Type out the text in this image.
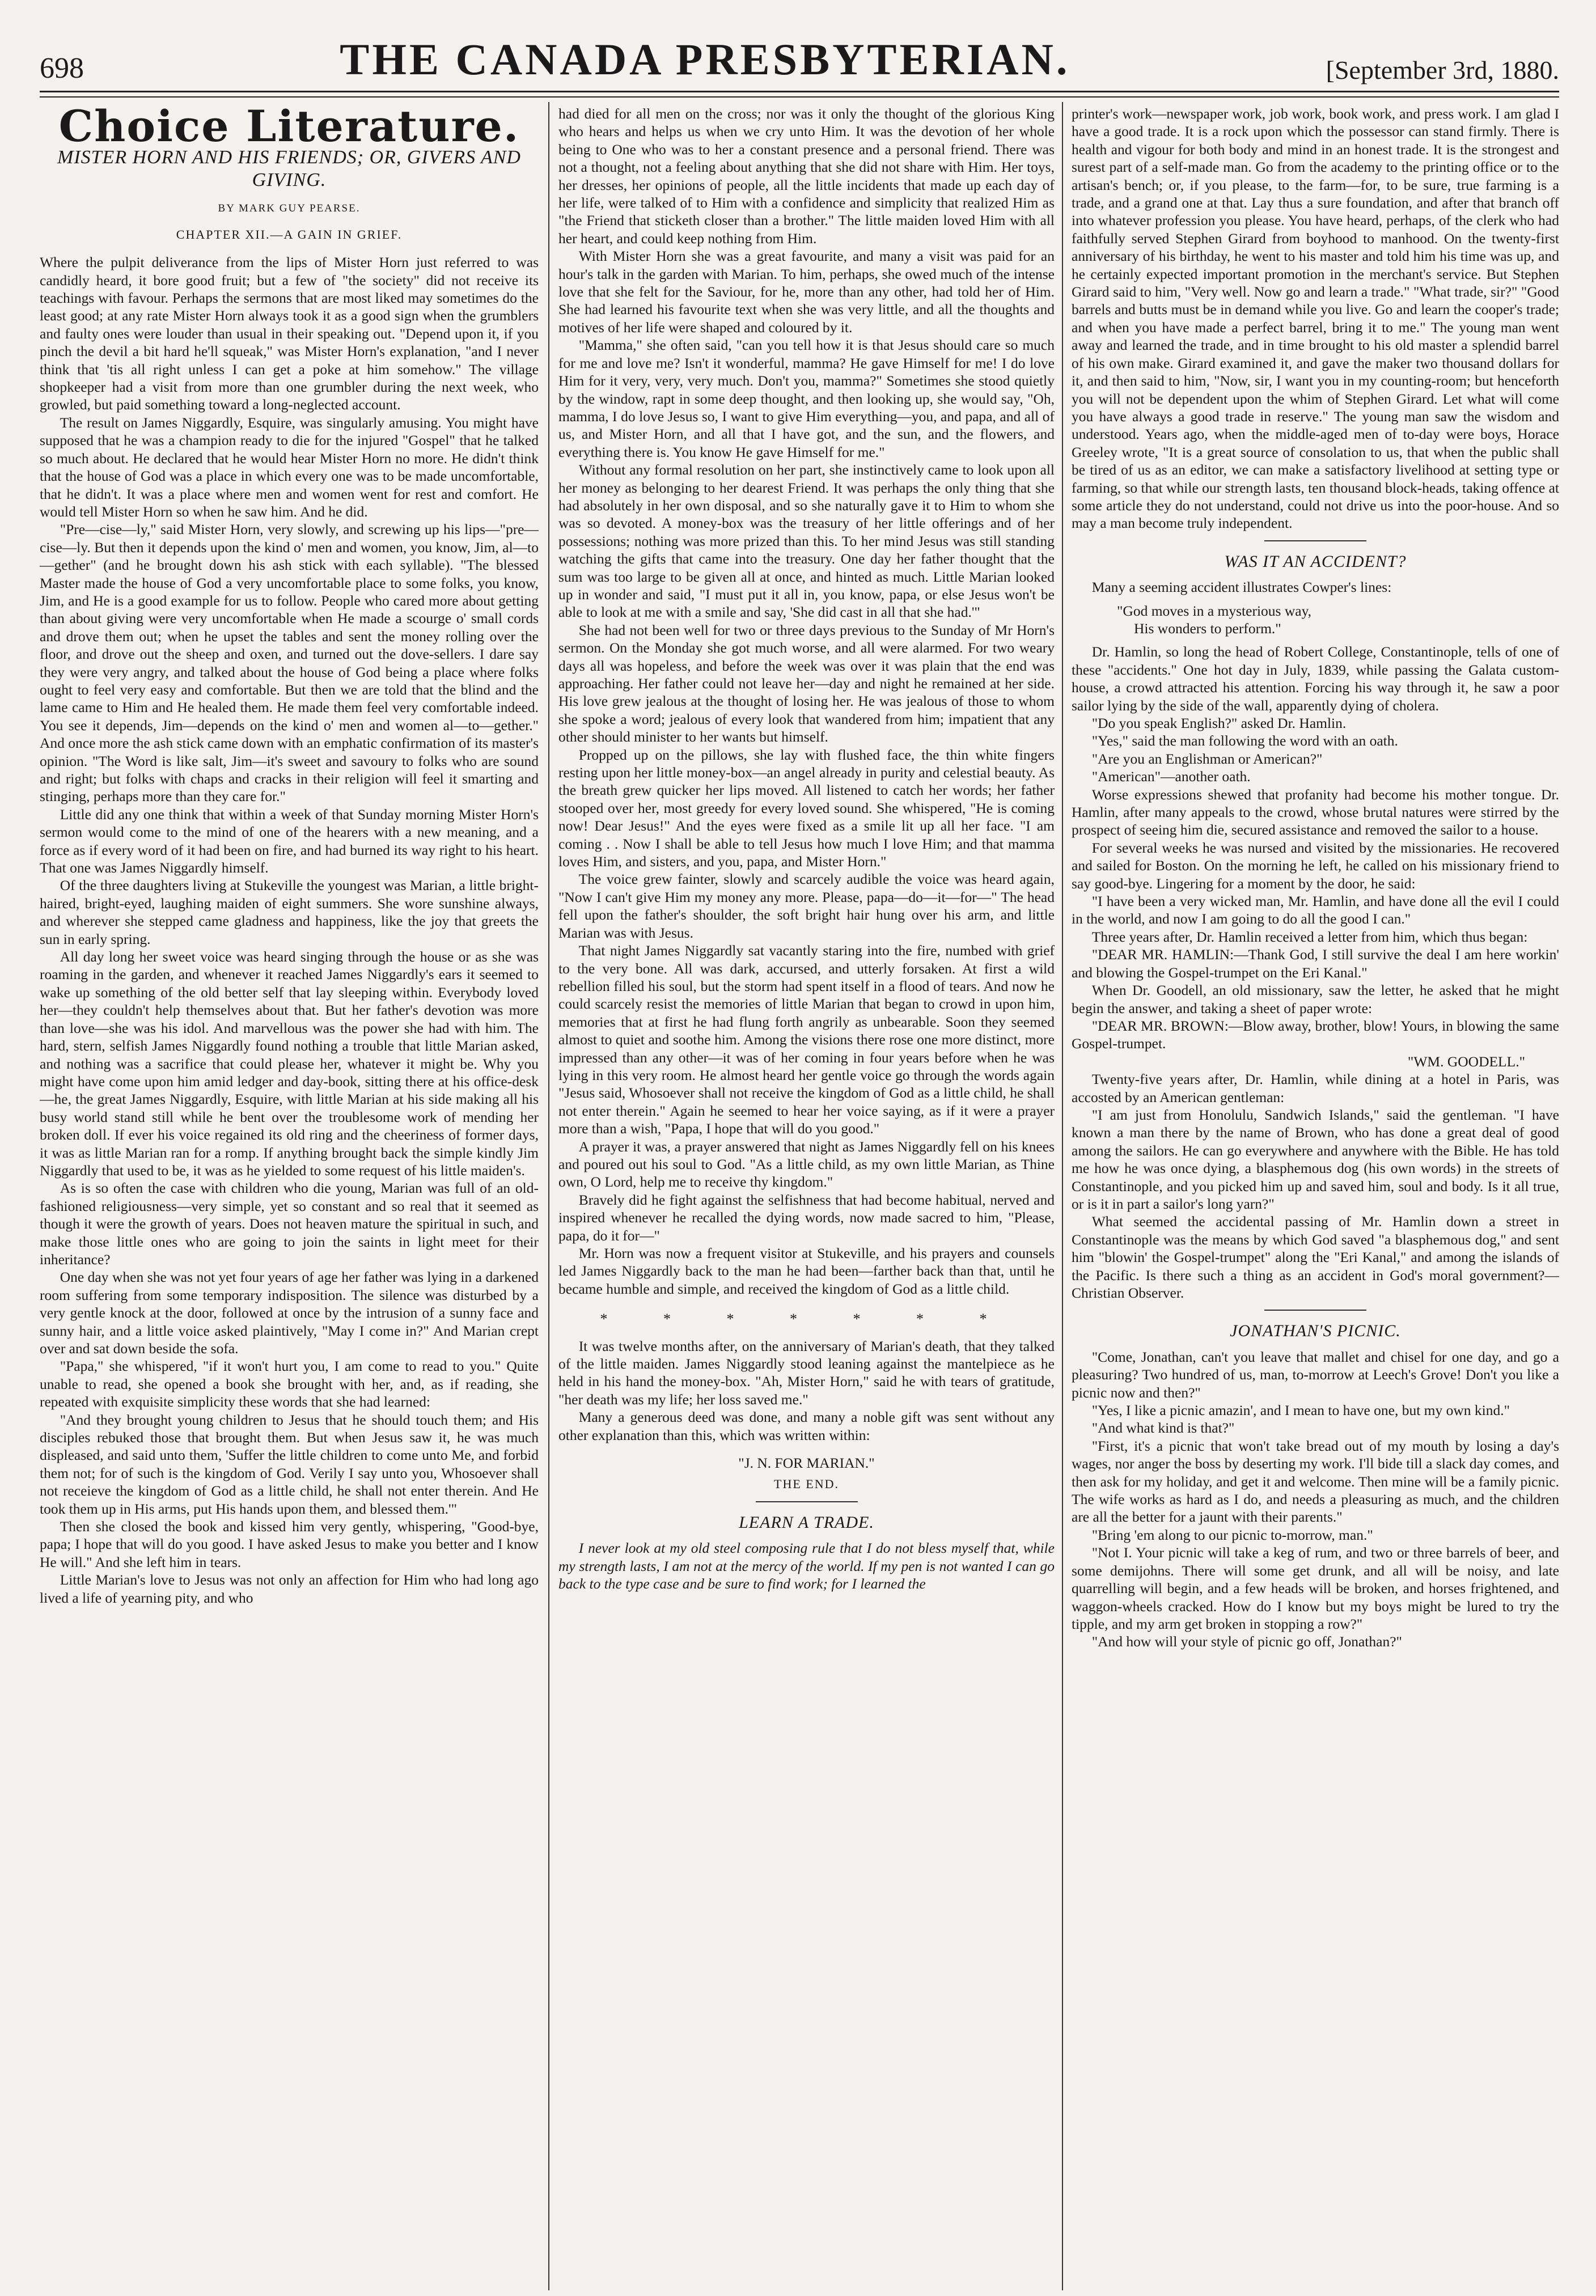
698	THE CANADA PRESBYTERIAN.	[September 3rd, 1880.
Choice Literature.
MISTER HORN AND HIS FRIENDS; OR, GIVERS AND GIVING.
BY MARK GUY PEARSE.
CHAPTER XII.—A GAIN IN GRIEF.

Where the pulpit deliverance from the lips of Mister Horn just referred to was candidly heard, it bore good fruit; but a few of "the society" did not receive its teachings with favour. Perhaps the sermons that are most liked may sometimes do the least good; at any rate Mister Horn always took it as a good sign when the grumblers and faulty ones were louder than usual in their speaking out. "Depend upon it, if you pinch the devil a bit hard he'll squeak," was Mister Horn's explanation, "and I never think that 'tis all right unless I can get a poke at him somehow." The village shopkeeper had a visit from more than one grumbler during the next week, who growled, but paid something toward a long-neglected account.

The result on James Niggardly, Esquire, was singularly amusing. You might have supposed that he was a champion ready to die for the injured "Gospel" that he talked so much about. He declared that he would hear Mister Horn no more. He didn't think that the house of God was a place in which every one was to be made uncomfortable, that he didn't. It was a place where men and women went for rest and comfort. He would tell Mister Horn so when he saw him. And he did.

"Pre—cise—ly," said Mister Horn, very slowly, and screwing up his lips—"pre—cise—ly. But then it depends upon the kind o' men and women, you know, Jim, al—to—gether" (and he brought down his ash stick with each syllable). "The blessed Master made the house of God a very uncomfortable place to some folks, you know, Jim, and He is a good example for us to follow. People who cared more about getting than about giving were very uncomfortable when He made a scourge o' small cords and drove them out; when he upset the tables and sent the money rolling over the floor, and drove out the sheep and oxen, and turned out the dove-sellers. I dare say they were very angry, and talked about the house of God being a place where folks ought to feel very easy and comfortable. But then we are told that the blind and the lame came to Him and He healed them. He made them feel very comfortable indeed. You see it depends, Jim—depends on the kind o' men and women al—to—gether." And once more the ash stick came down with an emphatic confirmation of its master's opinion. "The Word is like salt, Jim—it's sweet and savoury to folks who are sound and right; but folks with chaps and cracks in their religion will feel it smarting and stinging, perhaps more than they care for."

Little did any one think that within a week of that Sunday morning Mister Horn's sermon would come to the mind of one of the hearers with a new meaning, and a force as if every word of it had been on fire, and had burned its way right to his heart. That one was James Niggardly himself.

Of the three daughters living at Stukeville the youngest was Marian, a little bright-haired, bright-eyed, laughing maiden of eight summers. She wore sunshine always, and wherever she stepped came gladness and happiness, like the joy that greets the sun in early spring.

All day long her sweet voice was heard singing through the house or as she was roaming in the garden, and whenever it reached James Niggardly's ears it seemed to wake up something of the old better self that lay sleeping within. Everybody loved her—they couldn't help themselves about that. But her father's devotion was more than love—she was his idol. And marvellous was the power she had with him. The hard, stern, selfish James Niggardly found nothing a trouble that little Marian asked, and nothing was a sacrifice that could please her, whatever it might be. Why you might have come upon him amid ledger and day-book, sitting there at his office-desk—he, the great James Niggardly, Esquire, with little Marian at his side making all his busy world stand still while he bent over the troublesome work of mending her broken doll. If ever his voice regained its old ring and the cheeriness of former days, it was as little Marian ran for a romp. If anything brought back the simple kindly Jim Niggardly that used to be, it was as he yielded to some request of his little maiden's.

As is so often the case with children who die young, Marian was full of an old-fashioned religiousness—very simple, yet so constant and so real that it seemed as though it were the growth of years. Does not heaven mature the spiritual in such, and make those little ones who are going to join the saints in light meet for their inheritance?

One day when she was not yet four years of age her father was lying in a darkened room suffering from some temporary indisposition. The silence was disturbed by a very gentle knock at the door, followed at once by the intrusion of a sunny face and sunny hair, and a little voice asked plaintively, "May I come in?" And Marian crept over and sat down beside the sofa.

"Papa," she whispered, "if it won't hurt you, I am come to read to you." Quite unable to read, she opened a book she brought with her, and, as if reading, she repeated with exquisite simplicity these words that she had learned:

"And they brought young children to Jesus that he should touch them; and His disciples rebuked those that brought them. But when Jesus saw it, he was much displeased, and said unto them, 'Suffer the little children to come unto Me, and forbid them not; for of such is the kingdom of God. Verily I say unto you, Whosoever shall not receieve the kingdom of God as a little child, he shall not enter therein. And He took them up in His arms, put His hands upon them, and blessed them.'"

Then she closed the book and kissed him very gently, whispering, "Good-bye, papa; I hope that will do you good. I have asked Jesus to make you better and I know He will." And she left him in tears.

Little Marian's love to Jesus was not only an affection for Him who had long ago lived a life of yearning pity, and who

had died for all men on the cross; nor was it only the thought of the glorious King who hears and helps us when we cry unto Him. It was the devotion of her whole being to One who was to her a constant presence and a personal friend. There was not a thought, not a feeling about anything that she did not share with Him. Her toys, her dresses, her opinions of people, all the little incidents that made up each day of her life, were talked of to Him with a confidence and simplicity that realized Him as "the Friend that sticketh closer than a brother." The little maiden loved Him with all her heart, and could keep nothing from Him.

With Mister Horn she was a great favourite, and many a visit was paid for an hour's talk in the garden with Marian. To him, perhaps, she owed much of the intense love that she felt for the Saviour, for he, more than any other, had told her of Him. She had learned his favourite text when she was very little, and all the thoughts and motives of her life were shaped and coloured by it.

"Mamma," she often said, "can you tell how it is that Jesus should care so much for me and love me? Isn't it wonderful, mamma? He gave Himself for me! I do love Him for it very, very, very much. Don't you, mamma?" Sometimes she stood quietly by the window, rapt in some deep thought, and then looking up, she would say, "Oh, mamma, I do love Jesus so, I want to give Him everything—you, and papa, and all of us, and Mister Horn, and all that I have got, and the sun, and the flowers, and everything there is. You know He gave Himself for me."

Without any formal resolution on her part, she instinctively came to look upon all her money as belonging to her dearest Friend. It was perhaps the only thing that she had absolutely in her own disposal, and so she naturally gave it to Him to whom she was so devoted. A money-box was the treasury of her little offerings and of her possessions; nothing was more prized than this. To her mind Jesus was still standing watching the gifts that came into the treasury. One day her father thought that the sum was too large to be given all at once, and hinted as much. Little Marian looked up in wonder and said, "I must put it all in, you know, papa, or else Jesus won't be able to look at me with a smile and say, 'She did cast in all that she had.'"

She had not been well for two or three days previous to the Sunday of Mr Horn's sermon. On the Monday she got much worse, and all were alarmed. For two weary days all was hopeless, and before the week was over it was plain that the end was approaching. Her father could not leave her—day and night he remained at her side. His love grew jealous at the thought of losing her. He was jealous of those to whom she spoke a word; jealous of every look that wandered from him; impatient that any other should minister to her wants but himself.

Propped up on the pillows, she lay with flushed face, the thin white fingers resting upon her little money-box—an angel already in purity and celestial beauty. As the breath grew quicker her lips moved. All listened to catch her words; her father stooped over her, most greedy for every loved sound. She whispered, "He is coming now! Dear Jesus!" And the eyes were fixed as a smile lit up all her face. "I am coming . . Now I shall be able to tell Jesus how much I love Him; and that mamma loves Him, and sisters, and you, papa, and Mister Horn."

The voice grew fainter, slowly and scarcely audible the voice was heard again, "Now I can't give Him my money any more. Please, papa—do—it—for—" The head fell upon the father's shoulder, the soft bright hair hung over his arm, and little Marian was with Jesus.

That night James Niggardly sat vacantly staring into the fire, numbed with grief to the very bone. All was dark, accursed, and utterly forsaken. At first a wild rebellion filled his soul, but the storm had spent itself in a flood of tears. And now he could scarcely resist the memories of little Marian that began to crowd in upon him, memories that at first he had flung forth angrily as unbearable. Soon they seemed almost to quiet and soothe him. Among the visions there rose one more distinct, more impressed than any other—it was of her coming in four years before when he was lying in this very room. He almost heard her gentle voice go through the words again "Jesus said, Whosoever shall not receive the kingdom of God as a little child, he shall not enter therein." Again he seemed to hear her voice saying, as if it were a prayer more than a wish, "Papa, I hope that will do you good."

A prayer it was, a prayer answered that night as James Niggardly fell on his knees and poured out his soul to God. "As a little child, as my own little Marian, as Thine own, O Lord, help me to receive thy kingdom."

Bravely did he fight against the selfishness that had become habitual, nerved and inspired whenever he recalled the dying words, now made sacred to him, "Please, papa, do it for—"

Mr. Horn was now a frequent visitor at Stukeville, and his prayers and counsels led James Niggardly back to the man he had been—farther back than that, until he became humble and simple, and received the kingdom of God as a little child.

* * * * * * *

It was twelve months after, on the anniversary of Marian's death, that they talked of the little maiden. James Niggardly stood leaning against the mantelpiece as he held in his hand the money-box. "Ah, Mister Horn," said he with tears of gratitude, "her death was my life; her loss saved me."

Many a generous deed was done, and many a noble gift was sent without any other explanation than this, which was written within:

"J. N. FOR MARIAN."

THE END.

LEARN A TRADE.

I never look at my old steel composing rule that I do not bless myself that, while my strength lasts, I am not at the mercy of the world. If my pen is not wanted I can go back to the type case and be sure to find work; for I learned the

printer's work—newspaper work, job work, book work, and press work. I am glad I have a good trade. It is a rock upon which the possessor can stand firmly. There is health and vigour for both body and mind in an honest trade. It is the strongest and surest part of a self-made man. Go from the academy to the printing office or to the artisan's bench; or, if you please, to the farm—for, to be sure, true farming is a trade, and a grand one at that. Lay thus a sure foundation, and after that branch off into whatever profession you please. You have heard, perhaps, of the clerk who had faithfully served Stephen Girard from boyhood to manhood. On the twenty-first anniversary of his birthday, he went to his master and told him his time was up, and he certainly expected important promotion in the merchant's service. But Stephen Girard said to him, "Very well. Now go and learn a trade." "What trade, sir?" "Good barrels and butts must be in demand while you live. Go and learn the cooper's trade; and when you have made a perfect barrel, bring it to me." The young man went away and learned the trade, and in time brought to his old master a splendid barrel of his own make. Girard examined it, and gave the maker two thousand dollars for it, and then said to him, "Now, sir, I want you in my counting-room; but henceforth you will not be dependent upon the whim of Stephen Girard. Let what will come you have always a good trade in reserve." The young man saw the wisdom and understood. Years ago, when the middle-aged men of to-day were boys, Horace Greeley wrote, "It is a great source of consolation to us, that when the public shall be tired of us as an editor, we can make a satisfactory livelihood at setting type or farming, so that while our strength lasts, ten thousand block-heads, taking offence at some article they do not understand, could not drive us into the poor-house. And so may a man become truly independent.

WAS IT AN ACCIDENT?

Many a seeming accident illustrates Cowper's lines:

"God moves in a mysterious way,

His wonders to perform."

Dr. Hamlin, so long the head of Robert College, Constantinople, tells of one of these "accidents." One hot day in July, 1839, while passing the Galata custom-house, a crowd attracted his attention. Forcing his way through it, he saw a poor sailor lying by the side of the wall, apparently dying of cholera.

"Do you speak English?" asked Dr. Hamlin.

"Yes," said the man following the word with an oath.

"Are you an Englishman or American?"

"American"—another oath.

Worse expressions shewed that profanity had become his mother tongue. Dr. Hamlin, after many appeals to the crowd, whose brutal natures were stirred by the prospect of seeing him die, secured assistance and removed the sailor to a house.

For several weeks he was nursed and visited by the missionaries. He recovered and sailed for Boston. On the morning he left, he called on his missionary friend to say good-bye. Lingering for a moment by the door, he said:

"I have been a very wicked man, Mr. Hamlin, and have done all the evil I could in the world, and now I am going to do all the good I can."

Three years after, Dr. Hamlin received a letter from him, which thus began:

"DEAR MR. HAMLIN:—Thank God, I still survive the deal I am here workin' and blowing the Gospel-trumpet on the Eri Kanal."

When Dr. Goodell, an old missionary, saw the letter, he asked that he might begin the answer, and taking a sheet of paper wrote:

"DEAR MR. BROWN:—Blow away, brother, blow! Yours, in blowing the same Gospel-trumpet.

"WM. GOODELL."

Twenty-five years after, Dr. Hamlin, while dining at a hotel in Paris, was accosted by an American gentleman:

"I am just from Honolulu, Sandwich Islands," said the gentleman. "I have known a man there by the name of Brown, who has done a great deal of good among the sailors. He can go everywhere and anywhere with the Bible. He has told me how he was once dying, a blasphemous dog (his own words) in the streets of Constantinople, and you picked him up and saved him, soul and body. Is it all true, or is it in part a sailor's long yarn?"

What seemed the accidental passing of Mr. Hamlin down a street in Constantinople was the means by which God saved "a blasphemous dog," and sent him "blowin' the Gospel-trumpet" along the "Eri Kanal," and among the islands of the Pacific. Is there such a thing as an accident in God's moral government?—Christian Observer.

JONATHAN'S PICNIC.

"Come, Jonathan, can't you leave that mallet and chisel for one day, and go a pleasuring? Two hundred of us, man, to-morrow at Leech's Grove! Don't you like a picnic now and then?"

"Yes, I like a picnic amazin', and I mean to have one, but my own kind."

"And what kind is that?"

"First, it's a picnic that won't take bread out of my mouth by losing a day's wages, nor anger the boss by deserting my work. I'll bide till a slack day comes, and then ask for my holiday, and get it and welcome. Then mine will be a family picnic. The wife works as hard as I do, and needs a pleasuring as much, and the children are all the better for a jaunt with their parents."

"Bring 'em along to our picnic to-morrow, man."

"Not I. Your picnic will take a keg of rum, and two or three barrels of beer, and some demijohns. There will some get drunk, and all will be noisy, and late quarrelling will begin, and a few heads will be broken, and horses frightened, and waggon-wheels cracked. How do I know but my boys might be lured to try the tipple, and my arm get broken in stopping a row?"

"And how will your style of picnic go off, Jonathan?"
